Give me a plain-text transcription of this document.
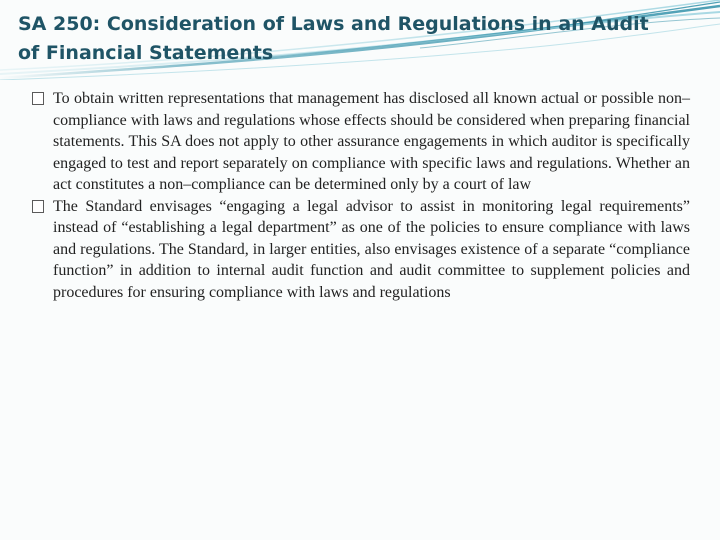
SA 250: Consideration of Laws and Regulations in an Audit of Financial Statements

To obtain written representations that management has disclosed all known actual or possible non–compliance with laws and regulations whose effects should be considered when preparing financial statements. This SA does not apply to other assurance engagements in which auditor is specifically engaged to test and report separately on compliance with specific laws and regulations. Whether an act constitutes a non–compliance can be determined only by a court of law

The Standard envisages “engaging a legal advisor to assist in monitoring legal requirements” instead of “establishing a legal department” as one of the policies to ensure compliance with laws and regulations. The Standard, in larger entities, also envisages existence of a separate “compliance function” in addition to internal audit function and audit committee to supplement policies and procedures for ensuring compliance with laws and regulations
